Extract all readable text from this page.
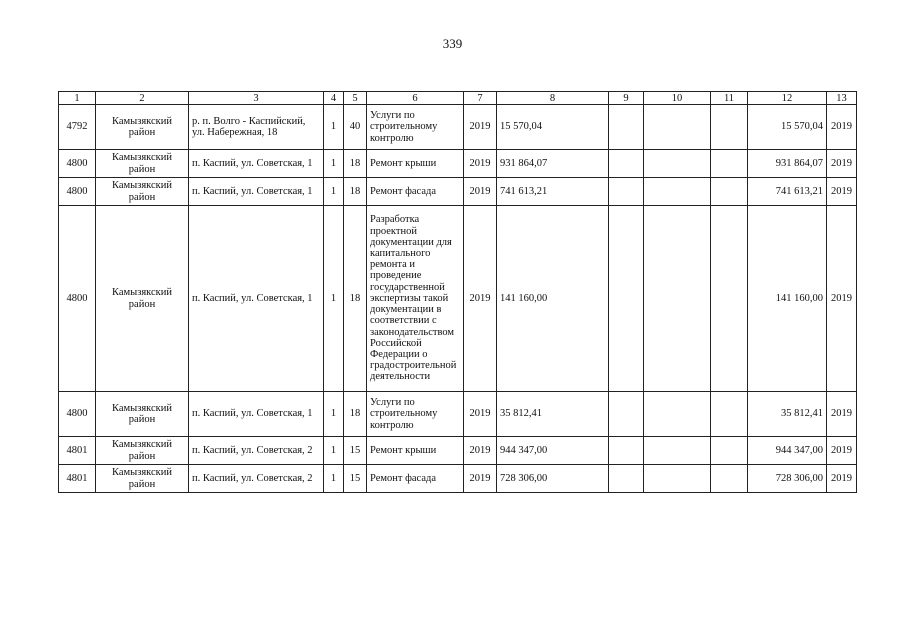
339
1	2	3	4	5	6	7	8	9	10	11	12	13
4792	Камызякский район	р. п. Волго - Каспийский, ул. Набережная, 18	1	40	Услуги по строительному контролю	2019	15 570,04				15 570,04	2019
4800	Камызякский район	п. Каспий, ул. Советская, 1	1	18	Ремонт крыши	2019	931 864,07				931 864,07	2019
4800	Камызякский район	п. Каспий, ул. Советская, 1	1	18	Ремонт фасада	2019	741 613,21				741 613,21	2019
4800	Камызякский район	п. Каспий, ул. Советская, 1	1	18	Разработка проектной документации для капитального ремонта и проведение государственной экспертизы такой документации в соответствии с законодательством Российской Федерации о градостроительной деятельности	2019	141 160,00				141 160,00	2019
4800	Камызякский район	п. Каспий, ул. Советская, 1	1	18	Услуги по строительному контролю	2019	35 812,41				35 812,41	2019
4801	Камызякский район	п. Каспий, ул. Советская, 2	1	15	Ремонт крыши	2019	944 347,00				944 347,00	2019
4801	Камызякский район	п. Каспий, ул. Советская, 2	1	15	Ремонт фасада	2019	728 306,00				728 306,00	2019
